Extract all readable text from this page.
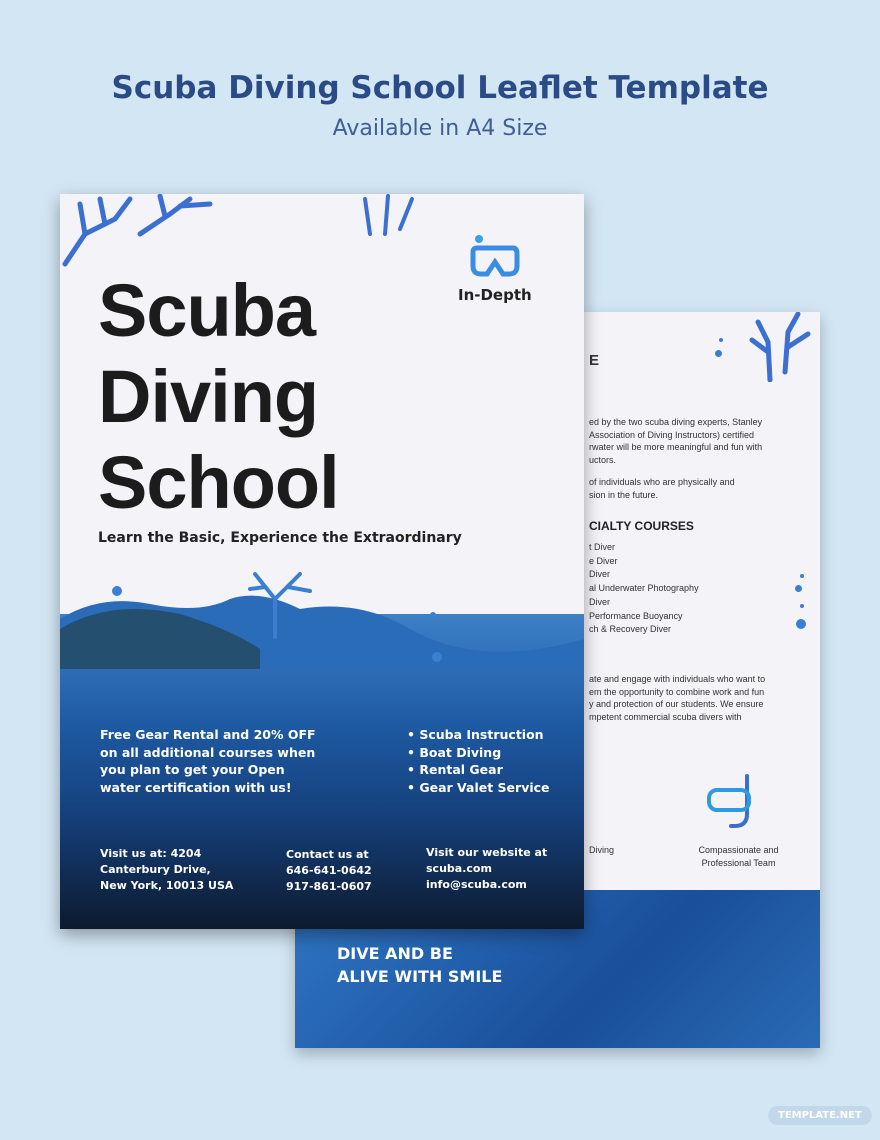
Scuba Diving School Leaflet Template
Available in A4 Size
E
ed by the two scuba diving experts, Stanley
Association of Diving Instructors) certified
rwater will be more meaningful and fun with
uctors.
of individuals who are physically and
sion in the future.
CIALTY COURSES
t Diver
e Diver
Diver
al Underwater Photography
Diver
Performance Buoyancy
ch & Recovery Diver
ate and engage with individuals who want to
em the opportunity to combine work and fun
y and protection of our students. We ensure
mpetent commercial scuba divers with
Diving	Compassionate and
Professional Team
DIVE AND BE
ALIVE WITH SMILE
In-Depth
Scuba
Diving
School
Learn the Basic, Experience the Extraordinary
Free Gear Rental and 20% OFF
on all additional courses when
you plan to get your Open
water certification with us!
• Scuba Instruction
• Boat Diving
• Rental Gear
• Gear Valet Service
Visit us at: 4204
Canterbury Drive,
New York, 10013 USA
Contact us at
646-641-0642
917-861-0607
Visit our website at
scuba.com
info@scuba.com
TEMPLATE.NET
